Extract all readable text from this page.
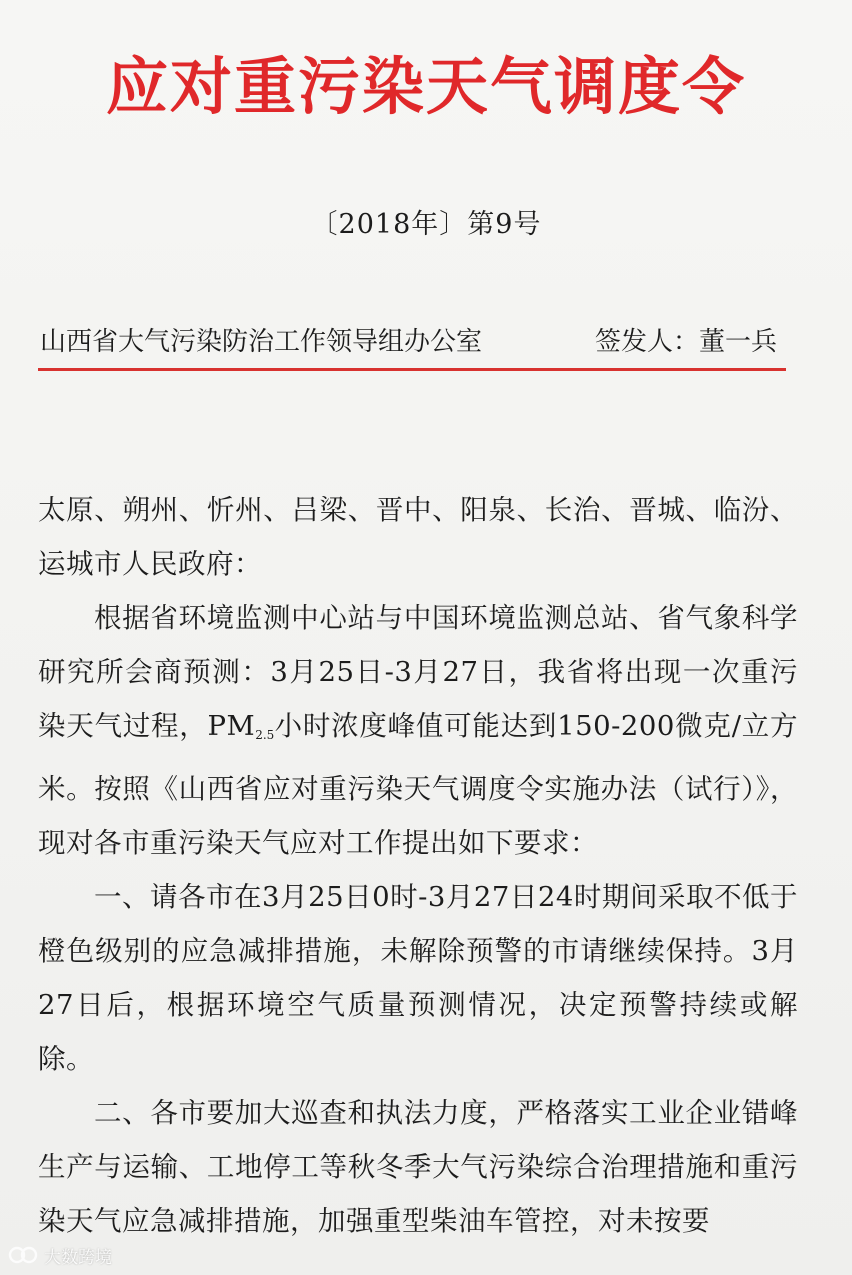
应对重污染天气调度令
〔2018年〕第9号
山西省大气污染防治工作领导组办公室	签发人：董一兵

太原、朔州、忻州、吕梁、晋中、阳泉、长治、晋城、临汾、运城市人民政府：

根据省环境监测中心站与中国环境监测总站、省气象科学研究所会商预测：3月25日-3月27日，我省将出现一次重污染天气过程，$PM_{2.5}$小时浓度峰值可能达到150-200微克/立方米。按照《山西省应对重污染天气调度令实施办法（试行）》，现对各市重污染天气应对工作提出如下要求：

一、请各市在3月25日0时-3月27日24时期间采取不低于橙色级别的应急减排措施，未解除预警的市请继续保持。3月27日后，根据环境空气质量预测情况，决定预警持续或解除。

二、各市要加大巡查和执法力度，严格落实工业企业错峰生产与运输、工地停工等秋冬季大气污染综合治理措施和重污染天气应急减排措施，加强重型柴油车管控，对未按要

大数跨境
